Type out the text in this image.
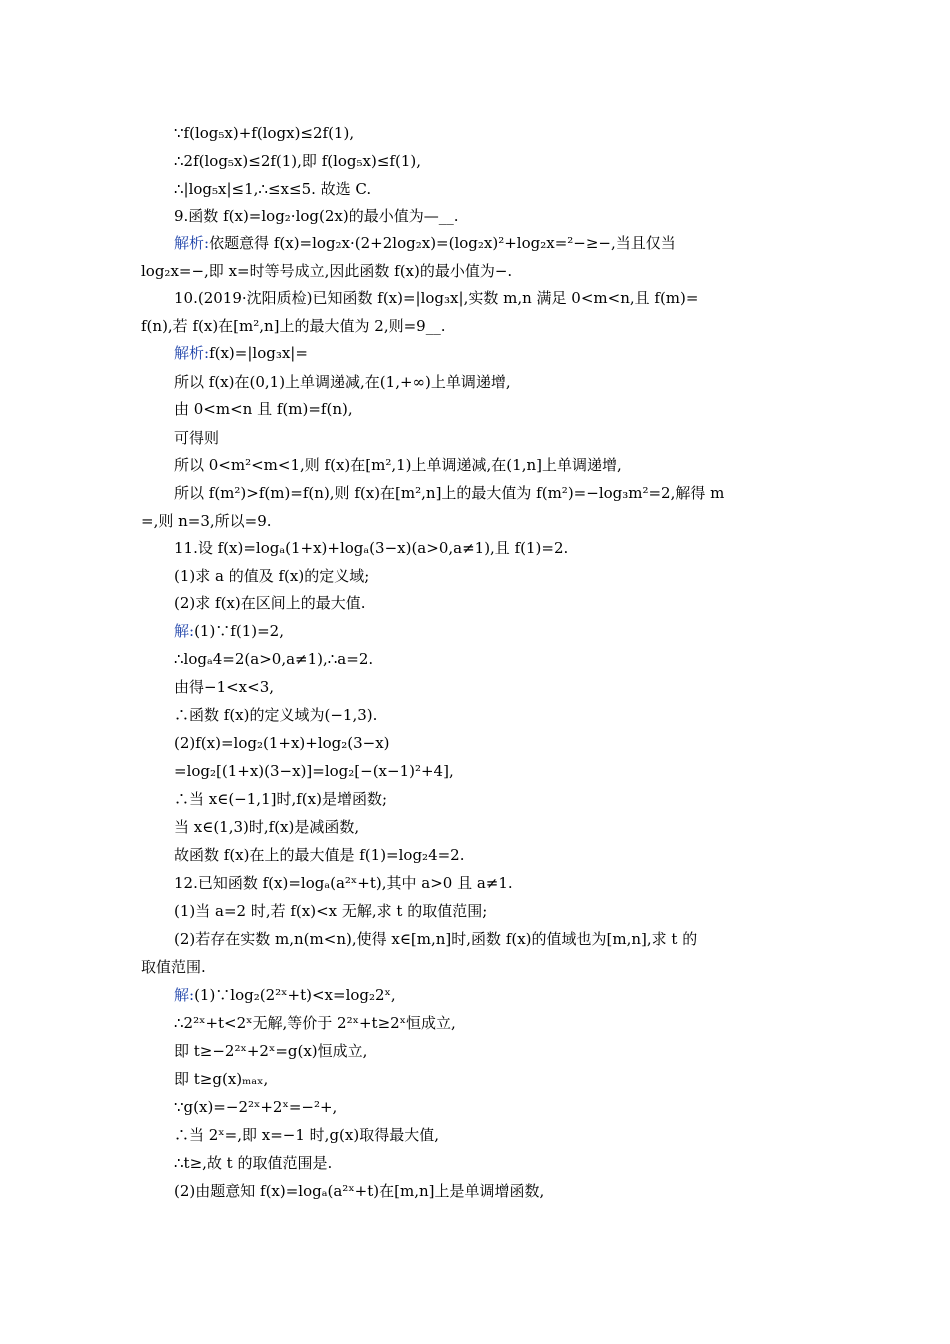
∵f(log₅x)+f(logx)≤2f(1),
∴2f(log₅x)≤2f(1),即 f(log₅x)≤f(1),
∴|log₅x|≤1,∴≤x≤5. 故选 C.
9.函数 f(x)=log₂·log(2x)的最小值为—__.
解析:依题意得 f(x)=log₂x·(2+2log₂x)=(log₂x)²+log₂x=²−≥−,当且仅当
log₂x=−,即 x=时等号成立,因此函数 f(x)的最小值为−.
10.(2019·沈阳质检)已知函数 f(x)=|log₃x|,实数 m,n 满足 0<m<n,且 f(m)=
f(n),若 f(x)在[m²,n]上的最大值为 2,则=9__.
解析:f(x)=|log₃x|=
所以 f(x)在(0,1)上单调递减,在(1,+∞)上单调递增,
由 0<m<n 且 f(m)=f(n),
可得则
所以 0<m²<m<1,则 f(x)在[m²,1)上单调递减,在(1,n]上单调递增,
所以 f(m²)>f(m)=f(n),则 f(x)在[m²,n]上的最大值为 f(m²)=−log₃m²=2,解得 m
=,则 n=3,所以=9.
11.设 f(x)=logₐ(1+x)+logₐ(3−x)(a>0,a≠1),且 f(1)=2.
(1)求 a 的值及 f(x)的定义域;
(2)求 f(x)在区间上的最大值.
解:(1)∵f(1)=2,
∴logₐ4=2(a>0,a≠1),∴a=2.
由得−1<x<3,
∴函数 f(x)的定义域为(−1,3).
(2)f(x)=log₂(1+x)+log₂(3−x)
=log₂[(1+x)(3−x)]=log₂[−(x−1)²+4],
∴当 x∈(−1,1]时,f(x)是增函数;
当 x∈(1,3)时,f(x)是减函数,
故函数 f(x)在上的最大值是 f(1)=log₂4=2.
12.已知函数 f(x)=logₐ(a²ˣ+t),其中 a>0 且 a≠1.
(1)当 a=2 时,若 f(x)<x 无解,求 t 的取值范围;
(2)若存在实数 m,n(m<n),使得 x∈[m,n]时,函数 f(x)的值域也为[m,n],求 t 的
取值范围.
解:(1)∵log₂(2²ˣ+t)<x=log₂2ˣ,
∴2²ˣ+t<2ˣ无解,等价于 2²ˣ+t≥2ˣ恒成立,
即 t≥−2²ˣ+2ˣ=g(x)恒成立,
即 t≥g(x)ₘₐₓ,
∵g(x)=−2²ˣ+2ˣ=−²+,
∴当 2ˣ=,即 x=−1 时,g(x)取得最大值,
∴t≥,故 t 的取值范围是.
(2)由题意知 f(x)=logₐ(a²ˣ+t)在[m,n]上是单调增函数,
